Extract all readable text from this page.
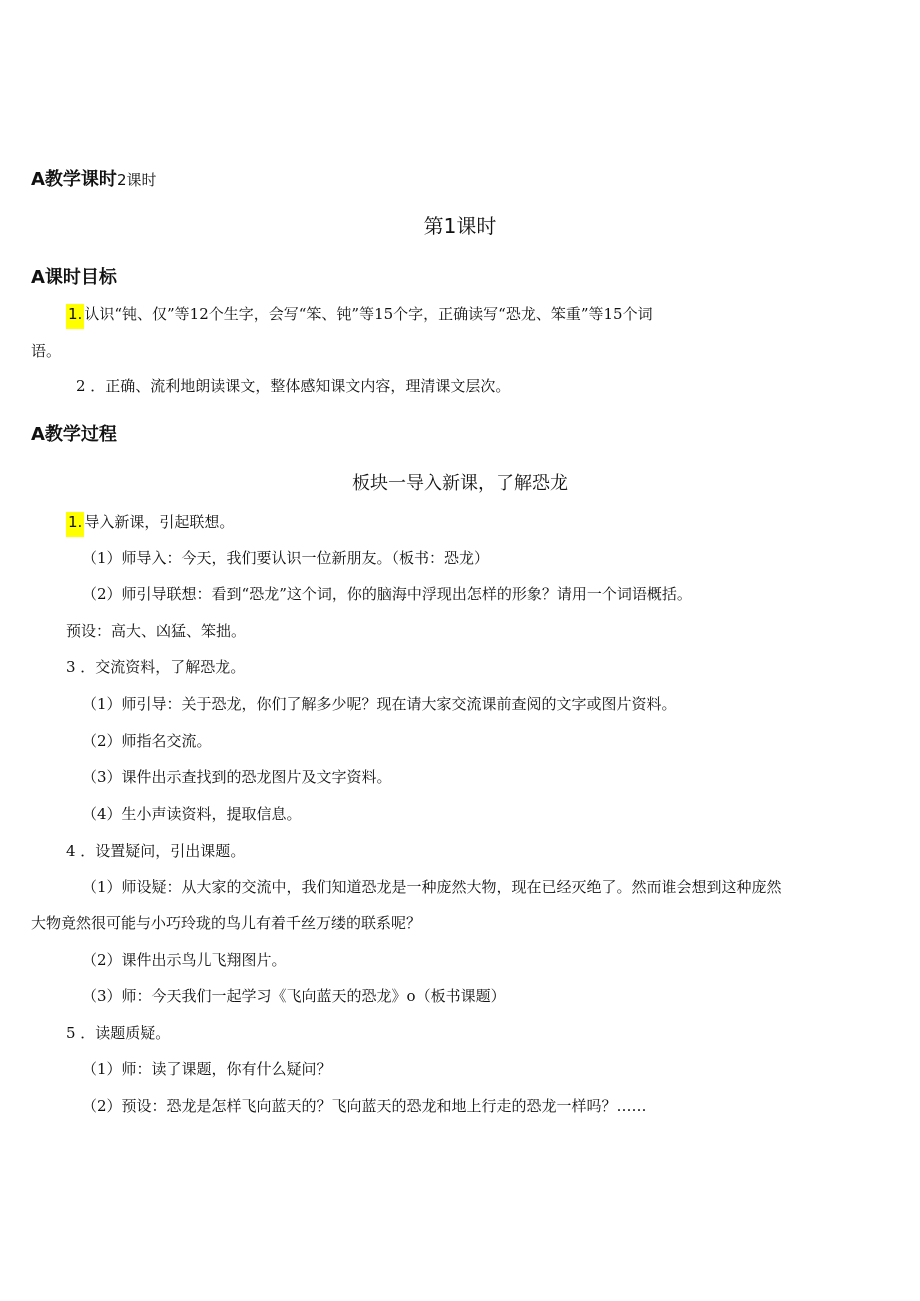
A教学课时2课时
第1课时
A课时目标
1. 认识“钝、仅”等12个生字，会写“笨、钝”等15个字，正确读写“恐龙、笨重”等15个词
语。
2 ．正确、流利地朗读课文，整体感知课文内容，理清课文层次。
A教学过程
板块一导入新课，了解恐龙
1. 导入新课，引起联想。
（1）师导入：今天，我们要认识一位新朋友。（板书：恐龙）
（2）师引导联想：看到“恐龙”这个词，你的脑海中浮现出怎样的形象？请用一个词语概括。
预设：高大、凶猛、笨拙。
3 ．交流资料，了解恐龙。
（1）师引导：关于恐龙，你们了解多少呢？现在请大家交流课前查阅的文字或图片资料。
（2）师指名交流。
（3）课件出示查找到的恐龙图片及文字资料。
（4）生小声读资料，提取信息。
4 ．设置疑问，引出课题。
（1）师设疑：从大家的交流中，我们知道恐龙是一种庞然大物，现在已经灭绝了。然而谁会想到这种庞然
大物竟然很可能与小巧玲珑的鸟儿有着千丝万缕的联系呢？
（2）课件出示鸟儿飞翔图片。
（3）师：今天我们一起学习《飞向蓝天的恐龙》o（板书课题）
5 ．读题质疑。
（1）师：读了课题，你有什么疑问？
（2）预设：恐龙是怎样飞向蓝天的？飞向蓝天的恐龙和地上行走的恐龙一样吗？……
